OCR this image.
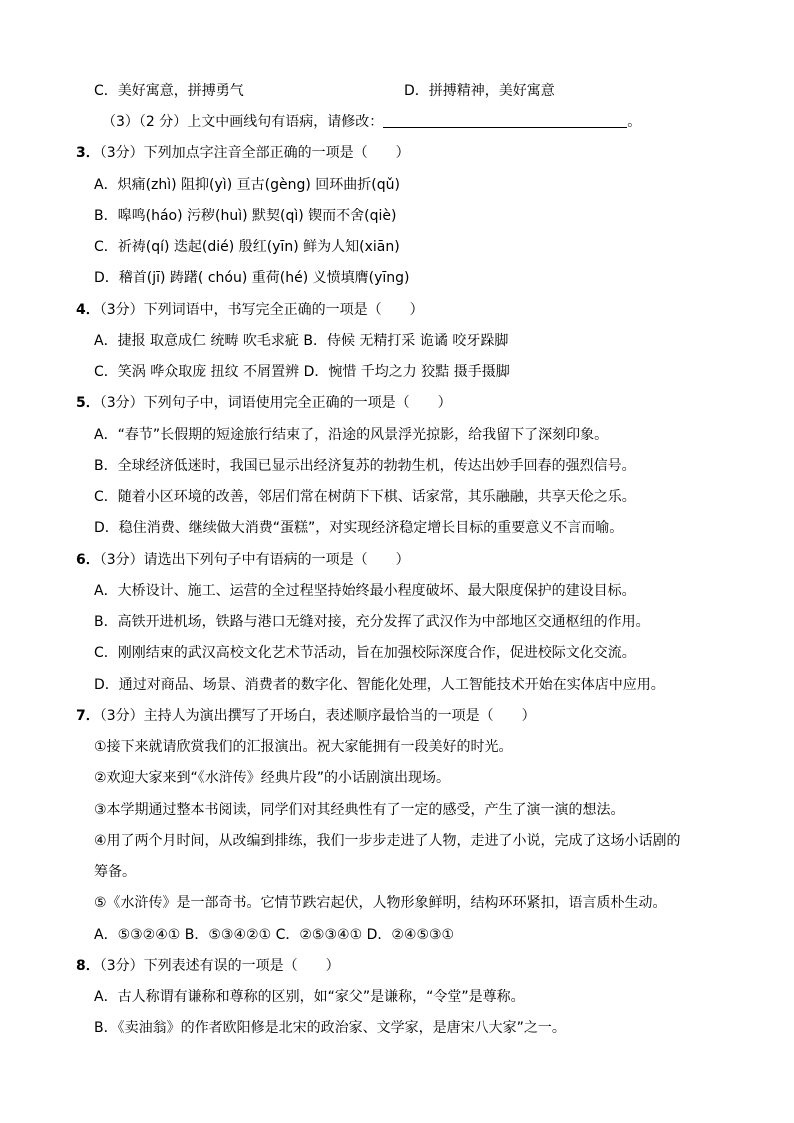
C．美好寓意，拼搏勇气	D．拼搏精神，美好寓意
（3）（2 分）上文中画线句有语病，请修改：	。
3．（3分）下列加点字注音全部正确的一项是（　　）
A．炽痛(zhì) 阻抑(yì) 亘古(gèng) 回环曲折(qǔ)
B．嗥鸣(háo) 污秽(huì) 默契(qì) 锲而不舍(qiè)
C．祈祷(qí) 迭起(dié) 殷红(yīn) 鲜为人知(xiān)
D．稽首(jī) 踌躇( chóu) 重荷(hé) 义愤填膺(yīng)
4．（3分）下列词语中，书写完全正确的一项是（　　）
A．捷报 取意成仁 统畴 吹毛求疵 B．侍候 无精打采 诡谲 咬牙跺脚
C．笑涡 哗众取庞 扭纹 不屑置辨 D．惋惜 千均之力 狡黠 摄手摄脚
5．（3分）下列句子中，词语使用完全正确的一项是（　　）
A．“春节”长假期的短途旅行结束了，沿途的风景浮光掠影，给我留下了深刻印象。
B．全球经济低迷时，我国已显示出经济复苏的勃勃生机，传达出妙手回春的强烈信号。
C．随着小区环境的改善，邻居们常在树荫下下棋、话家常，其乐融融，共享天伦之乐。
D．稳住消费、继续做大消费“蛋糕”，对实现经济稳定增长目标的重要意义不言而喻。
6．（3分）请选出下列句子中有语病的一项是（　　）
A．大桥设计、施工、运营的全过程坚持始终最小程度破坏、最大限度保护的建设目标。
B．高铁开进机场，铁路与港口无缝对接，充分发挥了武汉作为中部地区交通枢纽的作用。
C．刚刚结束的武汉高校文化艺术节活动，旨在加强校际深度合作，促进校际文化交流。
D．通过对商品、场景、消费者的数字化、智能化处理，人工智能技术开始在实体店中应用。
7．（3分）主持人为演出撰写了开场白，表述顺序最恰当的一项是（　　）
①接下来就请欣赏我们的汇报演出。祝大家能拥有一段美好的时光。
②欢迎大家来到“《水浒传》经典片段”的小话剧演出现场。
③本学期通过整本书阅读，同学们对其经典性有了一定的感受，产生了演一演的想法。
④用了两个月时间，从改编到排练，我们一步步走进了人物，走进了小说，完成了这场小话剧的
筹备。
⑤《水浒传》是一部奇书。它情节跌宕起伏，人物形象鲜明，结构环环紧扣，语言质朴生动。
A．⑤③②④① B．⑤③④②① C．②⑤③④① D．②④⑤③①
8．（3分）下列表述有误的一项是（　　）
A．古人称谓有谦称和尊称的区别，如“家父”是谦称，“令堂”是尊称。
B．《卖油翁》的作者欧阳修是北宋的政治家、文学家，是唐宋八大家”之一。
